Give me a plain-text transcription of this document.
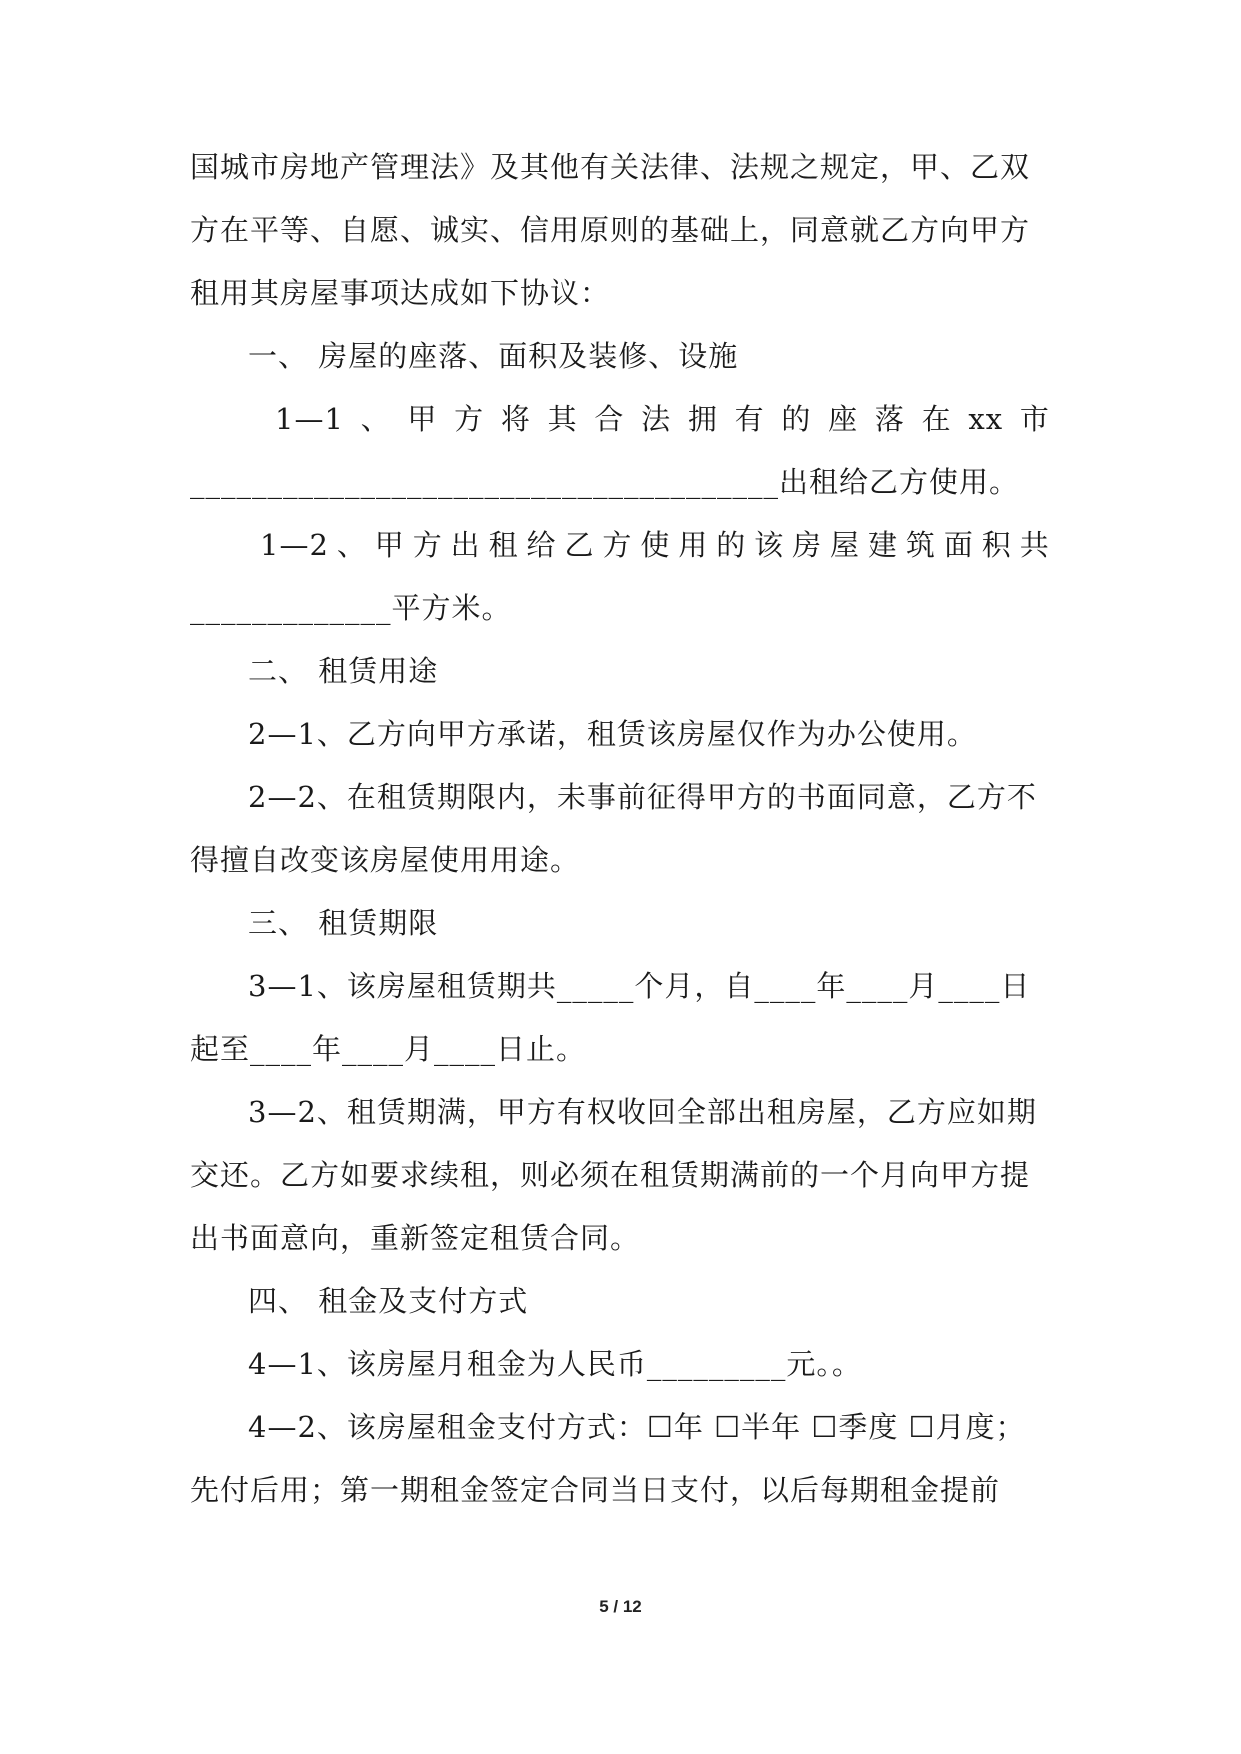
国城市房地产管理法》及其他有关法律、法规之规定，甲、乙双
方在平等、自愿、诚实、信用原则的基础上，同意就乙方向甲方
租用其房屋事项达成如下协议：
一、 房屋的座落、面积及装修、设施
1—1 、 甲 方 将 其 合 法 拥 有 的 座 落 在 xx 市
______________________________________出租给乙方使用。
1—2 、 甲 方 出 租 给 乙 方 使 用 的 该 房 屋 建 筑 面 积 共
_____________平方米。
二、 租赁用途
2—1、乙方向甲方承诺，租赁该房屋仅作为办公使用。
2—2、在租赁期限内，未事前征得甲方的书面同意，乙方不
得擅自改变该房屋使用用途。
三、 租赁期限
3—1、该房屋租赁期共_____个月，自____年____月____日
起至____年____月____日止。
3—2、租赁期满，甲方有权收回全部出租房屋，乙方应如期
交还。乙方如要求续租，则必须在租赁期满前的一个月向甲方提
出书面意向，重新签定租赁合同。
四、 租金及支付方式
4—1、该房屋月租金为人民币_________元。。
4—2、该房屋租金支付方式：☐年 ☐半年 ☐季度 ☐月度；
先付后用；第一期租金签定合同当日支付，以后每期租金提前
5 / 12
